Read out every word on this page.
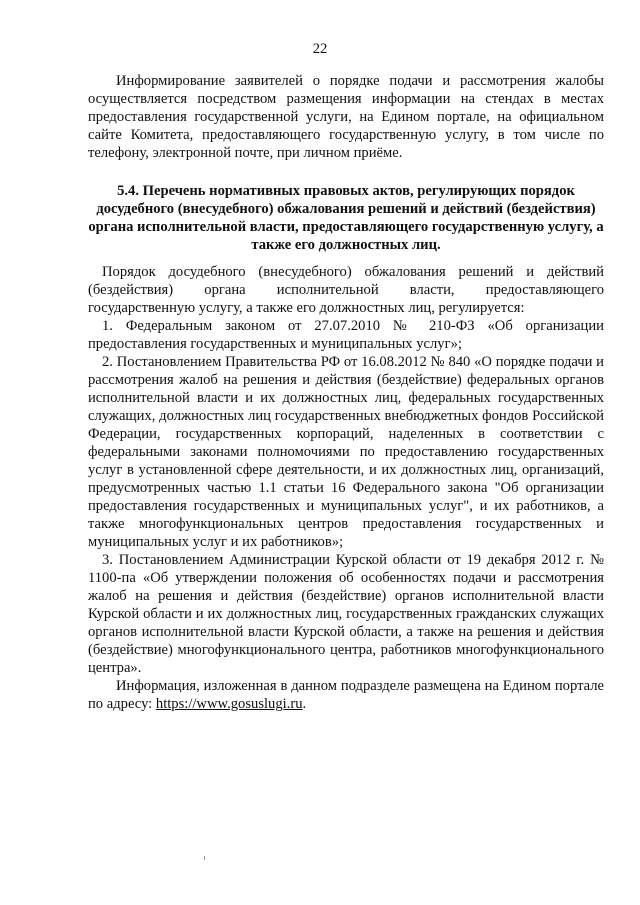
22

Информирование заявителей о порядке подачи и рассмотрения жалобы осуществляется посредством размещения информации на стендах в местах предоставления государственной услуги, на Едином портале, на официальном сайте Комитета, предоставляющего государственную услугу, в том числе по телефону, электронной почте, при личном приёме.

5.4. Перечень нормативных правовых актов, регулирующих порядок досудебного (внесудебного) обжалования решений и действий (бездействия) органа исполнительной власти, предоставляющего государственную услугу, а также его должностных лиц.

Порядок досудебного (внесудебного) обжалования решений и действий (бездействия) органа исполнительной власти, предоставляющего государственную услугу, а также его должностных лиц, регулируется:

1. Федеральным законом от 27.07.2010 № 210-ФЗ «Об организации предоставления государственных и муниципальных услуг»;

2. Постановлением Правительства РФ от 16.08.2012 № 840 «О порядке подачи и рассмотрения жалоб на решения и действия (бездействие) федеральных органов исполнительной власти и их должностных лиц, федеральных государственных служащих, должностных лиц государственных внебюджетных фондов Российской Федерации, государственных корпораций, наделенных в соответствии с федеральными законами полномочиями по предоставлению государственных услуг в установленной сфере деятельности, и их должностных лиц, организаций, предусмотренных частью 1.1 статьи 16 Федерального закона "Об организации предоставления государственных и муниципальных услуг", и их работников, а также многофункциональных центров предоставления государственных и муниципальных услуг и их работников»;

3. Постановлением Администрации Курской области от 19 декабря 2012 г. № 1100-па «Об утверждении положения об особенностях подачи и рассмотрения жалоб на решения и действия (бездействие) органов исполнительной власти Курской области и их должностных лиц, государственных гражданских служащих органов исполнительной власти Курской области, а также на решения и действия (бездействие) многофункционального центра, работников многофункционального центра».

Информация, изложенная в данном подразделе размещена на Едином портале по адресу: https://www.gosuslugi.ru.
